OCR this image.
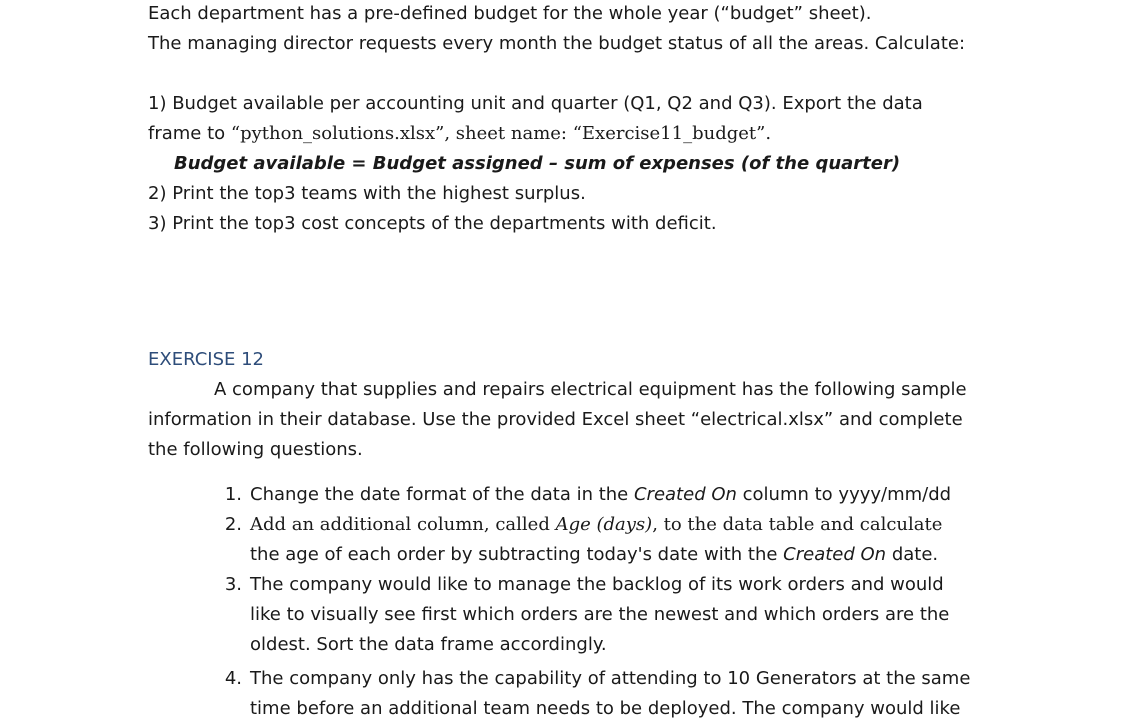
Each department has a pre-defined budget for the whole year (“budget” sheet).
The managing director requests every month the budget status of all the areas. Calculate:
1) Budget available per accounting unit and quarter (Q1, Q2 and Q3). Export the data
frame to “python_solutions.xlsx”, sheet name: “Exercise11_budget”.
Budget available = Budget assigned – sum of expenses (of the quarter)
2) Print the top3 teams with the highest surplus.
3) Print the top3 cost concepts of the departments with deficit.
EXERCISE 12
A company that supplies and repairs electrical equipment has the following sample
information in their database. Use the provided Excel sheet “electrical.xlsx” and complete
the following questions.
1. Change the date format of the data in the Created On column to yyyy/mm/dd
2. Add an additional column, called Age (days), to the data table and calculate
the age of each order by subtracting today's date with the Created On date.
3. The company would like to manage the backlog of its work orders and would
like to visually see first which orders are the newest and which orders are the
oldest. Sort the data frame accordingly.
4. The company only has the capability of attending to 10 Generators at the same
time before an additional team needs to be deployed. The company would like
